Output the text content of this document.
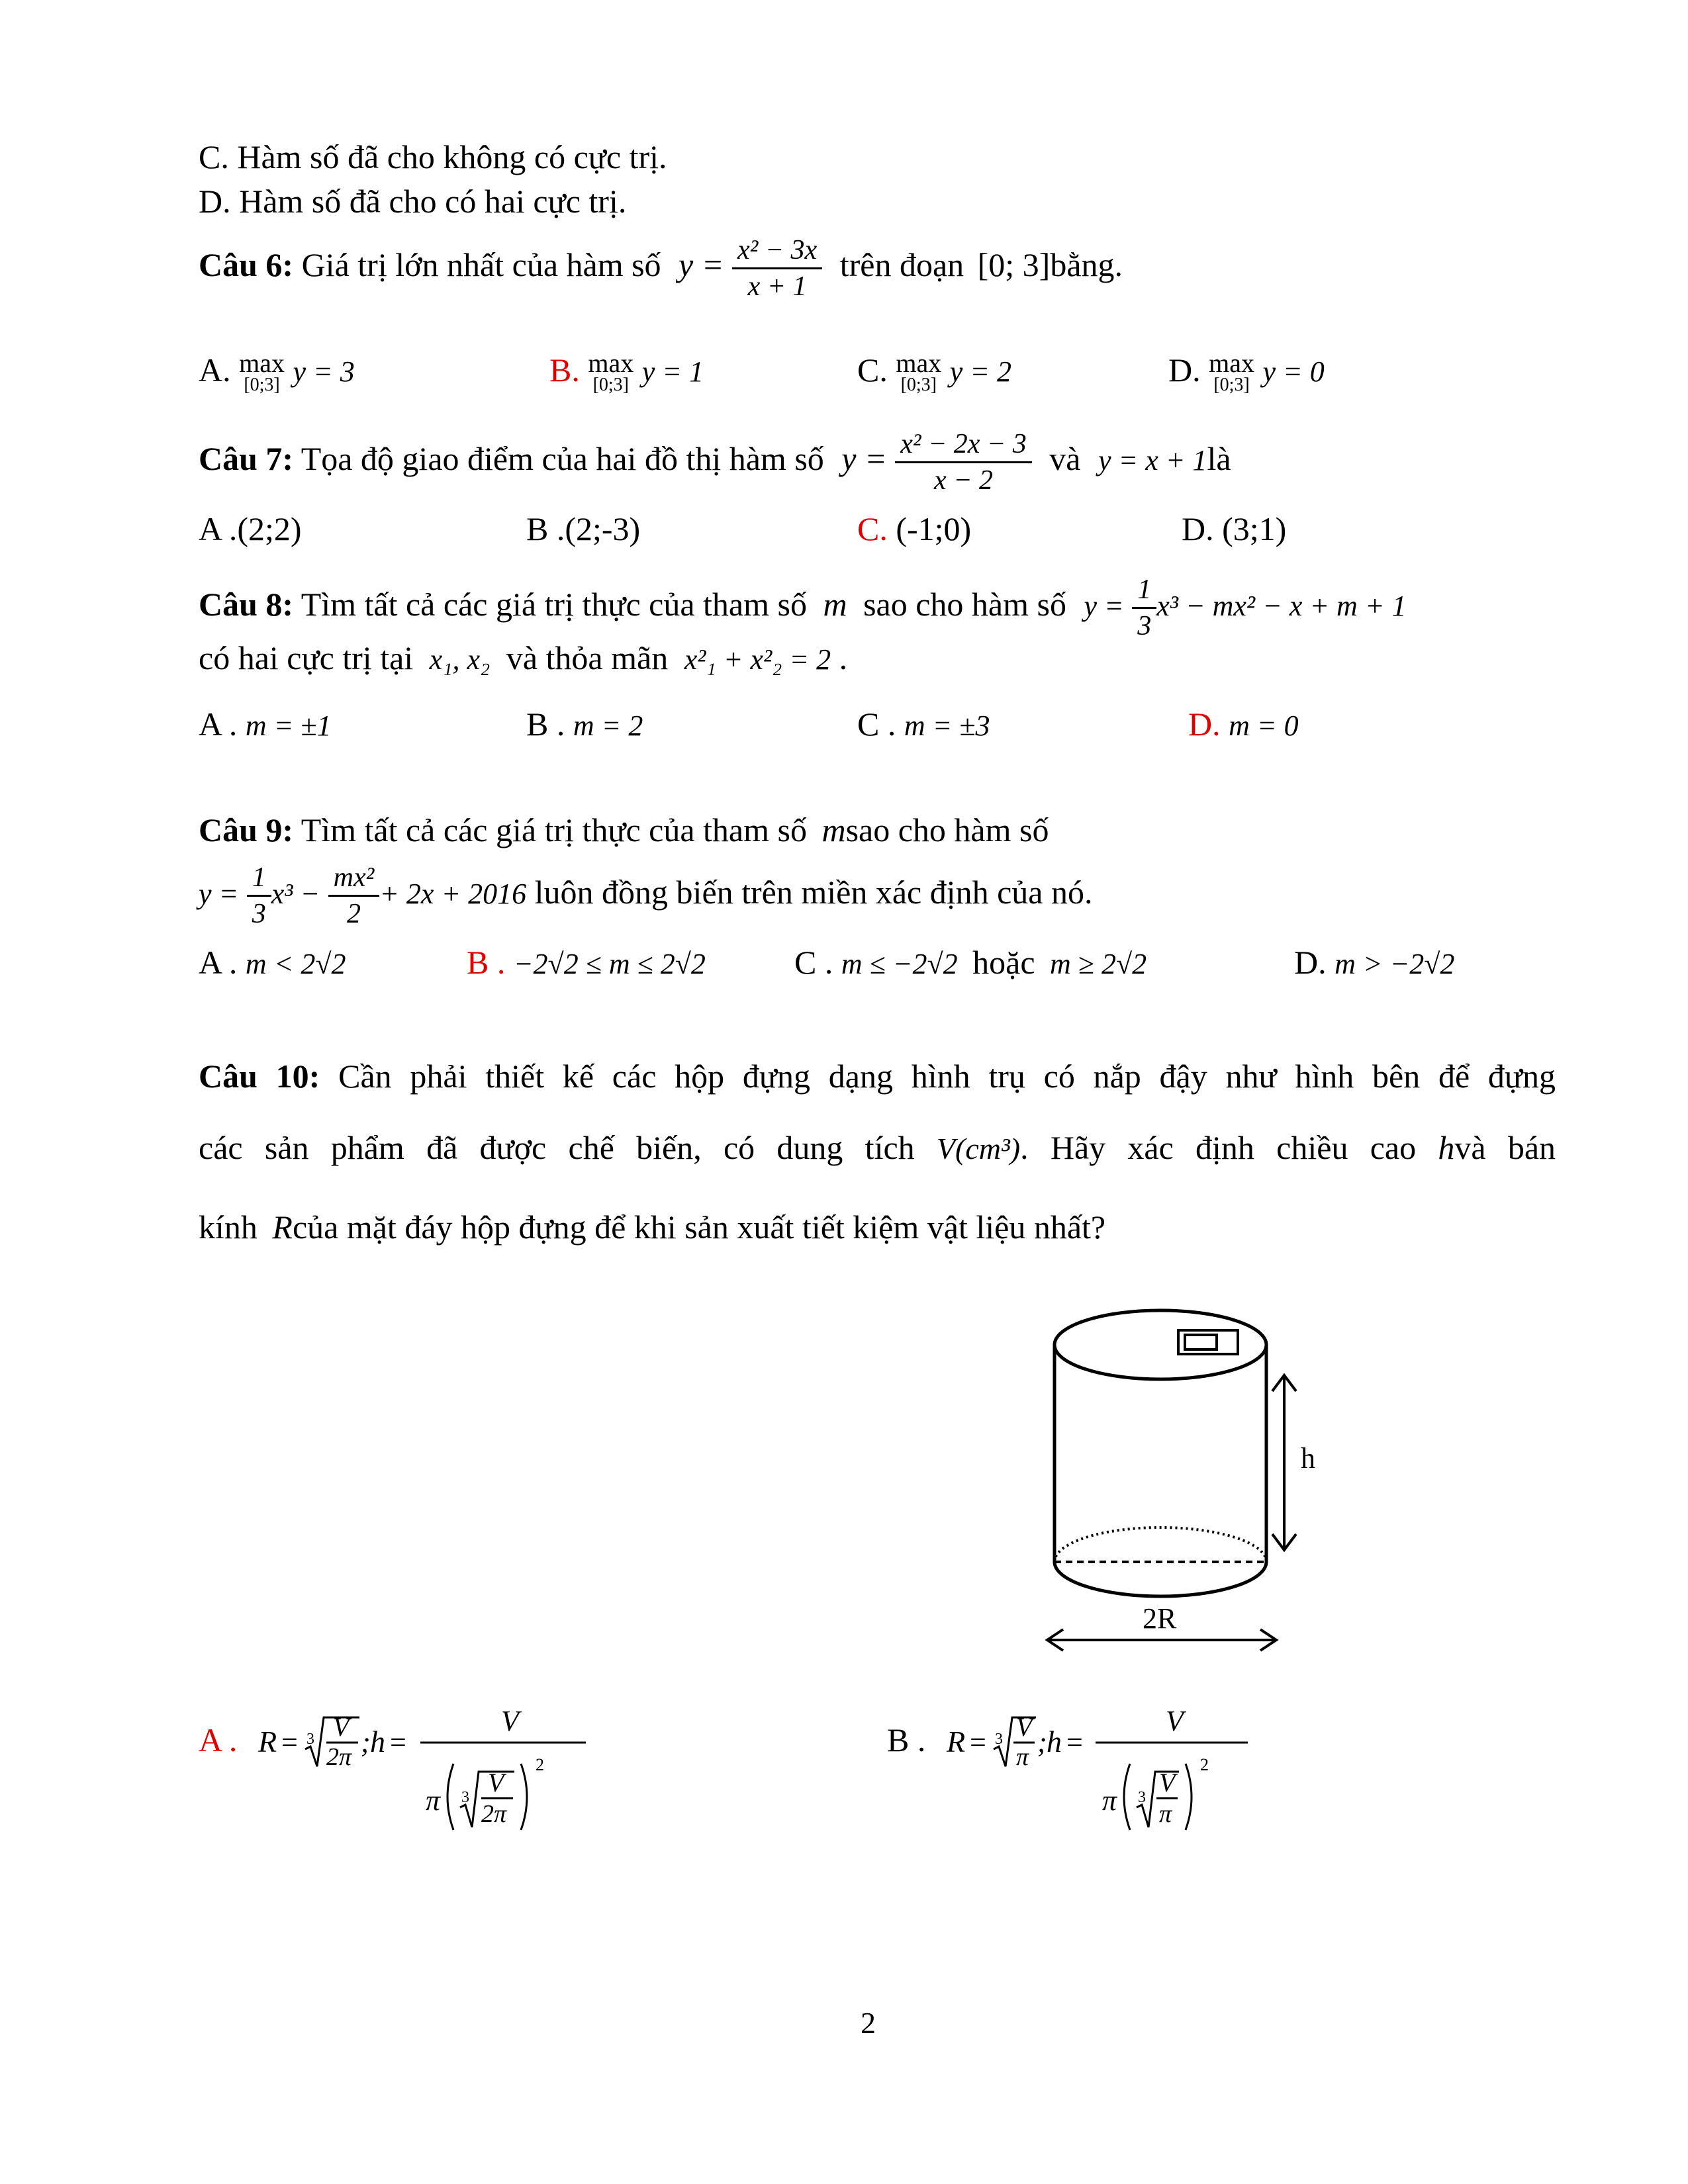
C. Hàm số đã cho không có cực trị.
D. Hàm số đã cho có hai cực trị.
Câu 6: Giá trị lớn nhất của hàm số $y = \frac{\text{x² − 3x}}{x + 1}$ trên đoạn [0; 3]bằng.
A. max
[0;3] y = 3	B. max
[0;3] y = 1	C. max
[0;3] y = 2	D. max
[0;3] y = 0
Câu 7: Tọa độ giao điểm của hai đồ thị hàm số $y = \frac{\text{x² − 2x − 3}}{x - 2}$ và y = x + 1là
A .(2;2)	B .(2;-3)	C. (-1;0)	D. (3;1)
Câu 8: Tìm tất cả các giá trị thực của tham số m sao cho hàm số $y = \frac{1}{3} x^3 - mx^2 - x + m + 1$
có hai cực trị tại x₁, x₂ và thỏa mãn x²₁ + x²₂ = 2 .
A . m = ±1	B . m = 2	C . m = ±3	D. m = 0
Câu 9: Tìm tất cả các giá trị thực của tham số msao cho hàm số
$y = \frac{1}{3} x^3 - \frac{\text{mx²}}{2} + 2x + 2016$ luôn đồng biến trên miền xác định của nó.
A . m < 2√2	B . −2√2 ≤ m ≤ 2√2	C . m ≤ −2√2 hoặc m ≥ 2√2	D. m > −2√2
Câu 10: Cần phải thiết kế các hộp đựng dạng hình trụ có nắp đậy như hình bên để đựng
các sản phẩm đã được chế biến, có dung tích V(cm³). Hãy xác định chiều cao hvà bán
kính Rcủa mặt đáy hộp đựng để khi sản xuất tiết kiệm vật liệu nhất?
h
2R
A . R = 3 V
2π ; h =
V
π 3 V
2π
2
B . R = 3 V
π ; h =
V
π 3 V
π
2
2
